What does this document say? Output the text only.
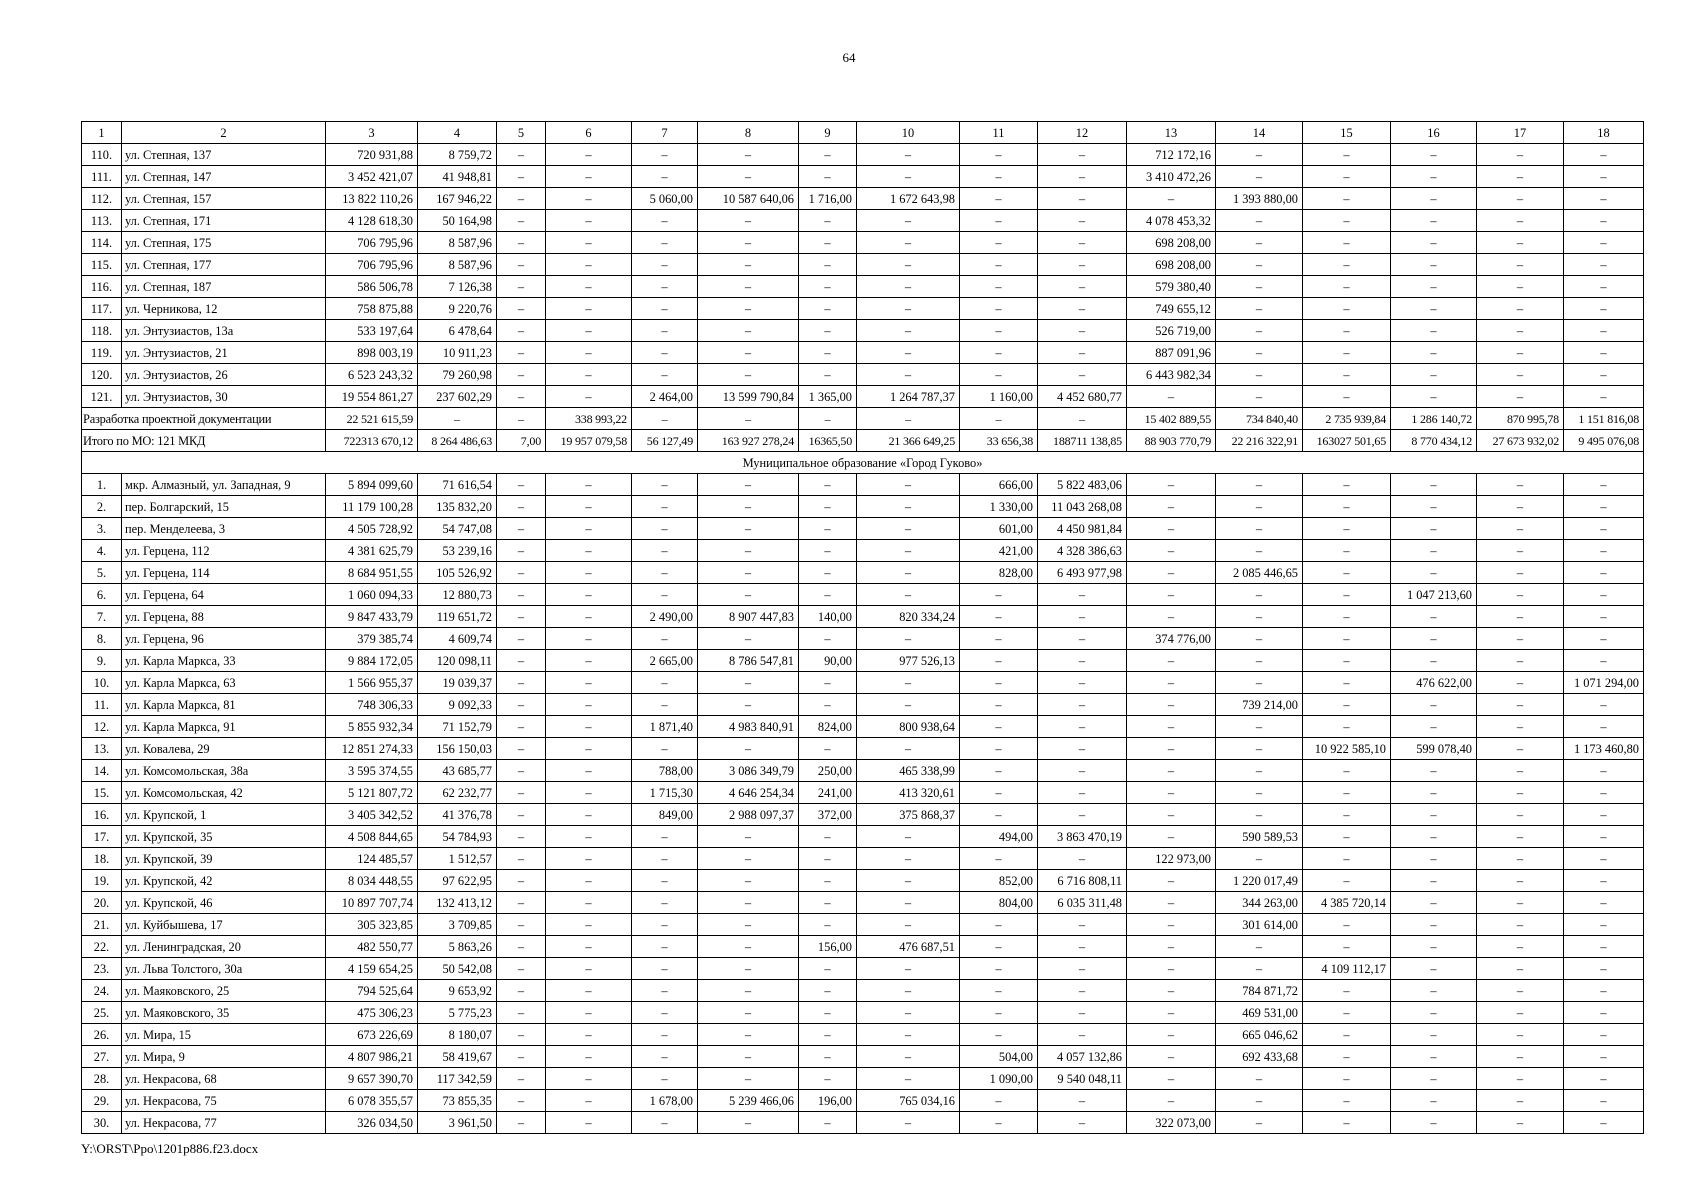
64
1	2	3	4	5	6	7	8	9	10	11	12	13	14	15	16	17	18
110.	ул. Степная, 137	720 931,88	8 759,72	–	–	–	–	–	–	–	–	712 172,16	–	–	–	–	–
111.	ул. Степная, 147	3 452 421,07	41 948,81	–	–	–	–	–	–	–	–	3 410 472,26	–	–	–	–	–
112.	ул. Степная, 157	13 822 110,26	167 946,22	–	–	5 060,00	10 587 640,06	1 716,00	1 672 643,98	–	–	–	1 393 880,00	–	–	–	–
113.	ул. Степная, 171	4 128 618,30	50 164,98	–	–	–	–	–	–	–	–	4 078 453,32	–	–	–	–	–
114.	ул. Степная, 175	706 795,96	8 587,96	–	–	–	–	–	–	–	–	698 208,00	–	–	–	–	–
115.	ул. Степная, 177	706 795,96	8 587,96	–	–	–	–	–	–	–	–	698 208,00	–	–	–	–	–
116.	ул. Степная, 187	586 506,78	7 126,38	–	–	–	–	–	–	–	–	579 380,40	–	–	–	–	–
117.	ул. Черникова, 12	758 875,88	9 220,76	–	–	–	–	–	–	–	–	749 655,12	–	–	–	–	–
118.	ул. Энтузиастов, 13а	533 197,64	6 478,64	–	–	–	–	–	–	–	–	526 719,00	–	–	–	–	–
119.	ул. Энтузиастов, 21	898 003,19	10 911,23	–	–	–	–	–	–	–	–	887 091,96	–	–	–	–	–
120.	ул. Энтузиастов, 26	6 523 243,32	79 260,98	–	–	–	–	–	–	–	–	6 443 982,34	–	–	–	–	–
121.	ул. Энтузиастов, 30	19 554 861,27	237 602,29	–	–	2 464,00	13 599 790,84	1 365,00	1 264 787,37	1 160,00	4 452 680,77	–	–	–	–	–	–
Разработка проектной документации		22 521 615,59	–	–	338 993,22	–	–	–	–	–	–	15 402 889,55	734 840,40	2 735 939,84	1 286 140,72	870 995,78	1 151 816,08
Итого по МО: 121 МКД		722313 670,12	8 264 486,63	7,00	19 957 079,58	56 127,49	163 927 278,24	16365,50	21 366 649,25	33 656,38	188711 138,85	88 903 770,79	22 216 322,91	163027 501,65	8 770 434,12	27 673 932,02	9 495 076,08
Муниципальное образование «Город Гуково»																	
1.	мкр. Алмазный, ул. Западная, 9	5 894 099,60	71 616,54	–	–	–	–	–	–	666,00	5 822 483,06	–	–	–	–	–	–
2.	пер. Болгарский, 15	11 179 100,28	135 832,20	–	–	–	–	–	–	1 330,00	11 043 268,08	–	–	–	–	–	–
3.	пер. Менделеева, 3	4 505 728,92	54 747,08	–	–	–	–	–	–	601,00	4 450 981,84	–	–	–	–	–	–
4.	ул. Герцена, 112	4 381 625,79	53 239,16	–	–	–	–	–	–	421,00	4 328 386,63	–	–	–	–	–	–
5.	ул. Герцена, 114	8 684 951,55	105 526,92	–	–	–	–	–	–	828,00	6 493 977,98	–	2 085 446,65	–	–	–	–
6.	ул. Герцена, 64	1 060 094,33	12 880,73	–	–	–	–	–	–	–	–	–	–	–	1 047 213,60	–	–
7.	ул. Герцена, 88	9 847 433,79	119 651,72	–	–	2 490,00	8 907 447,83	140,00	820 334,24	–	–	–	–	–	–	–	–
8.	ул. Герцена, 96	379 385,74	4 609,74	–	–	–	–	–	–	–	–	374 776,00	–	–	–	–	–
9.	ул. Карла Маркса, 33	9 884 172,05	120 098,11	–	–	2 665,00	8 786 547,81	90,00	977 526,13	–	–	–	–	–	–	–	–
10.	ул. Карла Маркса, 63	1 566 955,37	19 039,37	–	–	–	–	–	–	–	–	–	–	–	476 622,00	–	1 071 294,00
11.	ул. Карла Маркса, 81	748 306,33	9 092,33	–	–	–	–	–	–	–	–	–	739 214,00	–	–	–	–
12.	ул. Карла Маркса, 91	5 855 932,34	71 152,79	–	–	1 871,40	4 983 840,91	824,00	800 938,64	–	–	–	–	–	–	–	–
13.	ул. Ковалева, 29	12 851 274,33	156 150,03	–	–	–	–	–	–	–	–	–	–	10 922 585,10	599 078,40	–	1 173 460,80
14.	ул. Комсомольская, 38а	3 595 374,55	43 685,77	–	–	788,00	3 086 349,79	250,00	465 338,99	–	–	–	–	–	–	–	–
15.	ул. Комсомольская, 42	5 121 807,72	62 232,77	–	–	1 715,30	4 646 254,34	241,00	413 320,61	–	–	–	–	–	–	–	–
16.	ул. Крупской, 1	3 405 342,52	41 376,78	–	–	849,00	2 988 097,37	372,00	375 868,37	–	–	–	–	–	–	–	–
17.	ул. Крупской, 35	4 508 844,65	54 784,93	–	–	–	–	–	–	494,00	3 863 470,19	–	590 589,53	–	–	–	–
18.	ул. Крупской, 39	124 485,57	1 512,57	–	–	–	–	–	–	–	–	122 973,00	–	–	–	–	–
19.	ул. Крупской, 42	8 034 448,55	97 622,95	–	–	–	–	–	–	852,00	6 716 808,11	–	1 220 017,49	–	–	–	–
20.	ул. Крупской, 46	10 897 707,74	132 413,12	–	–	–	–	–	–	804,00	6 035 311,48	–	344 263,00	4 385 720,14	–	–	–
21.	ул. Куйбышева, 17	305 323,85	3 709,85	–	–	–	–	–	–	–	–	–	301 614,00	–	–	–	–
22.	ул. Ленинградская, 20	482 550,77	5 863,26	–	–	–	–	156,00	476 687,51	–	–	–	–	–	–	–	–
23.	ул. Льва Толстого, 30а	4 159 654,25	50 542,08	–	–	–	–	–	–	–	–	–	–	4 109 112,17	–	–	–
24.	ул. Маяковского, 25	794 525,64	9 653,92	–	–	–	–	–	–	–	–	–	784 871,72	–	–	–	–
25.	ул. Маяковского, 35	475 306,23	5 775,23	–	–	–	–	–	–	–	–	–	469 531,00	–	–	–	–
26.	ул. Мира, 15	673 226,69	8 180,07	–	–	–	–	–	–	–	–	–	665 046,62	–	–	–	–
27.	ул. Мира, 9	4 807 986,21	58 419,67	–	–	–	–	–	–	504,00	4 057 132,86	–	692 433,68	–	–	–	–
28.	ул. Некрасова, 68	9 657 390,70	117 342,59	–	–	–	–	–	–	1 090,00	9 540 048,11	–	–	–	–	–	–
29.	ул. Некрасова, 75	6 078 355,57	73 855,35	–	–	1 678,00	5 239 466,06	196,00	765 034,16	–	–	–	–	–	–	–	–
30.	ул. Некрасова, 77	326 034,50	3 961,50	–	–	–	–	–	–	–	–	322 073,00	–	–	–	–	–
Y:\ORST\Ppo\1201p886.f23.docx
